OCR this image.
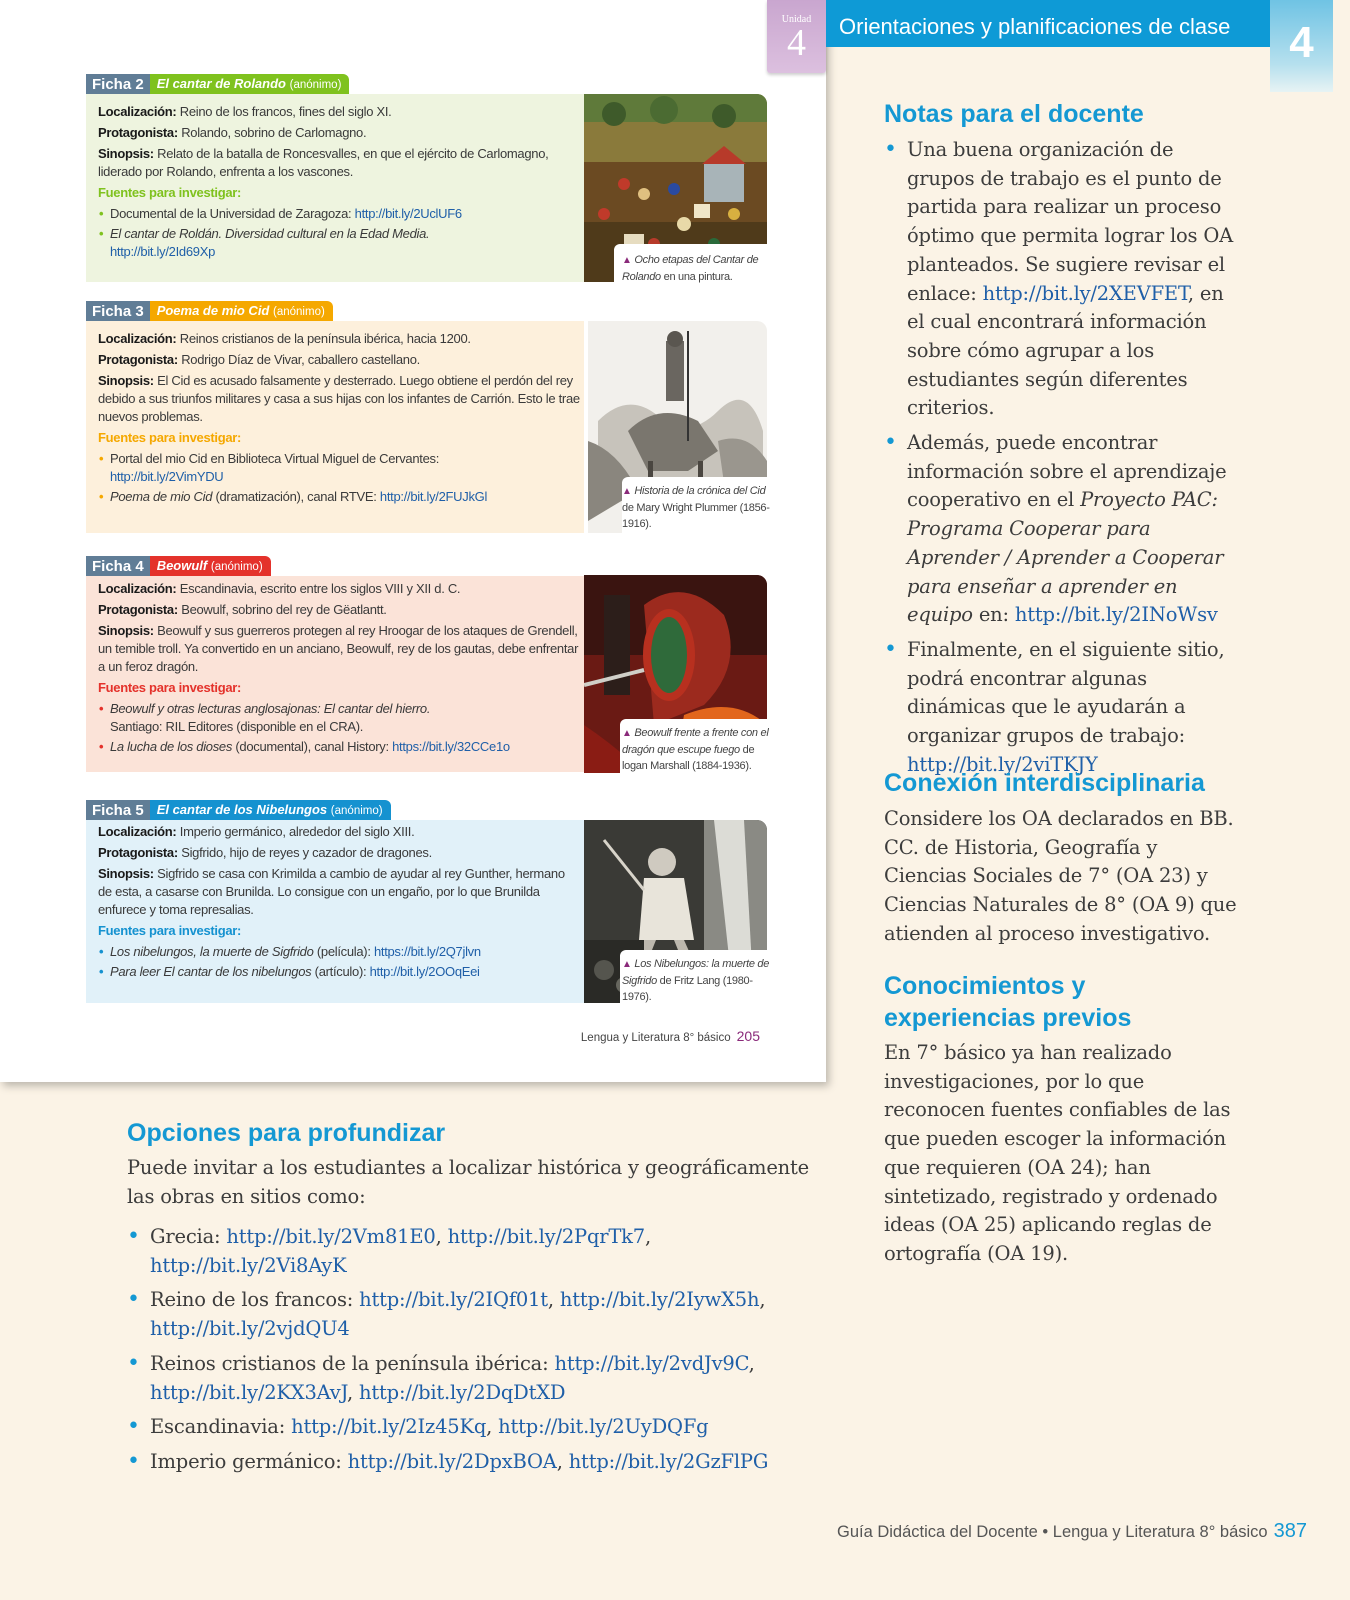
Ficha 2	El cantar de Rolando (anónimo)

Localización: Reino de los francos, fines del siglo XI.

Protagonista: Rolando, sobrino de Carlomagno.

Sinopsis: Relato de la batalla de Roncesvalles, en que el ejército de Carlomagno, liderado por Rolando, enfrenta a los vascones.

Fuentes para investigar:

• Documental de la Universidad de Zaragoza: http://bit.ly/2UclUF6
• El cantar de Roldán. Diversidad cultural en la Edad Media.
http://bit.ly/2Id69Xp
▲ Ocho etapas del Cantar de Rolando en una pintura.
Ficha 3	Poema de mio Cid (anónimo)

Localización: Reinos cristianos de la península ibérica, hacia 1200.

Protagonista: Rodrigo Díaz de Vivar, caballero castellano.

Sinopsis: El Cid es acusado falsamente y desterrado. Luego obtiene el perdón del rey debido a sus triunfos militares y casa a sus hijas con los infantes de Carrión. Esto le trae nuevos problemas.

Fuentes para investigar:

• Portal del mio Cid en Biblioteca Virtual Miguel de Cervantes:
http://bit.ly/2VimYDU
• Poema de mio Cid (dramatización), canal RTVE: http://bit.ly/2FUJkGl	▲ Historia de la crónica del Cid de Mary Wright Plummer (1856-1916).
Ficha 4	Beowulf (anónimo)

Localización: Escandinavia, escrito entre los siglos VIII y XII d. C.

Protagonista: Beowulf, sobrino del rey de Gëatlantt.

Sinopsis: Beowulf y sus guerreros protegen al rey Hroogar de los ataques de Grendell, un temible troll. Ya convertido en un anciano, Beowulf, rey de los gautas, debe enfrentar a un feroz dragón.

Fuentes para investigar:

• Beowulf y otras lecturas anglosajonas: El cantar del hierro.
Santiago: RIL Editores (disponible en el CRA).
• La lucha de los dioses (documental), canal History: https://bit.ly/32CCe1o
▲ Beowulf frente a frente con el dragón que escupe fuego de logan Marshall (1884-1936).
Ficha 5	El cantar de los Nibelungos (anónimo)

Localización: Imperio germánico, alrededor del siglo XIII.

Protagonista: Sigfrido, hijo de reyes y cazador de dragones.

Sinopsis: Sigfrido se casa con Krimilda a cambio de ayudar al rey Gunther, hermano de esta, a casarse con Brunilda. Lo consigue con un engaño, por lo que Brunilda enfurece y toma represalias.

Fuentes para investigar:

• Los nibelungos, la muerte de Sigfrido (película): https://bit.ly/2Q7jlvn
• Para leer El cantar de los nibelungos (artículo): http://bit.ly/2OOqEei	▲ Los Nibelungos: la muerte de Sigfrido de Fritz Lang (1980-1976).
Lengua y Literatura 8° básico 205
Unidad
4	Orientaciones y planificaciones de clase	4
Notas para el docente
• Una buena organización de grupos de trabajo es el punto de partida para realizar un proceso óptimo que permita lograr los OA planteados. Se sugiere revisar el enlace: http://bit.ly/2XEVFET, en el cual encontrará información sobre cómo agrupar a los estudiantes según diferentes criterios.
• Además, puede encontrar información sobre el aprendizaje cooperativo en el Proyecto PAC: Programa Cooperar para Aprender / Aprender a Cooperar para enseñar a aprender en equipo en: http://bit.ly/2INoWsv
• Finalmente, en el siguiente sitio, podrá encontrar algunas dinámicas que le ayudarán a organizar grupos de trabajo: http://bit.ly/2viTKJY
Conexión interdisciplinaria
Considere los OA declarados en BB. CC. de Historia, Geografía y Ciencias Sociales de 7° (OA 23) y Ciencias Naturales de 8° (OA 9) que atienden al proceso investigativo.
Conocimientos y
experiencias previos
En 7° básico ya han realizado investigaciones, por lo que reconocen fuentes confiables de las que pueden escoger la información que requieren (OA 24); han sintetizado, registrado y ordenado ideas (OA 25) aplicando reglas de ortografía (OA 19).
Opciones para profundizar
Puede invitar a los estudiantes a localizar histórica y geográficamente las obras en sitios como:
• Grecia: http://bit.ly/2Vm81E0, http://bit.ly/2PqrTk7, http://bit.ly/2Vi8AyK
• Reino de los francos: http://bit.ly/2IQf01t, http://bit.ly/2IywX5h,
http://bit.ly/2vjdQU4
• Reinos cristianos de la península ibérica: http://bit.ly/2vdJv9C,
http://bit.ly/2KX3AvJ, http://bit.ly/2DqDtXD
• Escandinavia: http://bit.ly/2Iz45Kq, http://bit.ly/2UyDQFg
• Imperio germánico: http://bit.ly/2DpxBOA, http://bit.ly/2GzFlPG
Guía Didáctica del Docente • Lengua y Literatura 8° básico 387
